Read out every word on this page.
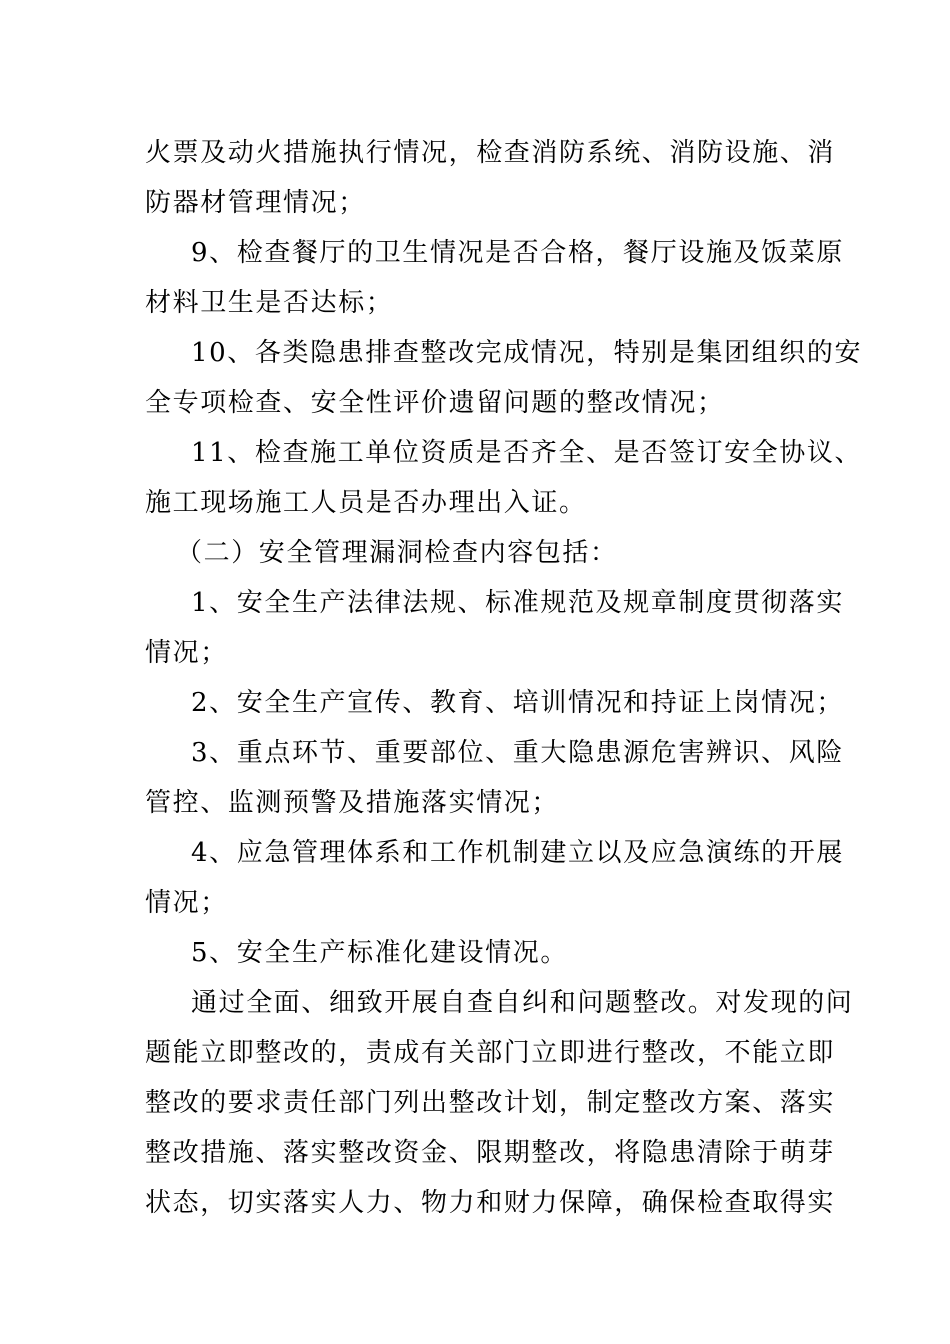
火票及动火措施执行情况，检查消防系统、消防设施、消
防器材管理情况；
9、检查餐厅的卫生情况是否合格，餐厅设施及饭菜原
材料卫生是否达标；
10、各类隐患排查整改完成情况，特别是集团组织的安
全专项检查、安全性评价遗留问题的整改情况；
11、检查施工单位资质是否齐全、是否签订安全协议、
施工现场施工人员是否办理出入证。
（二）安全管理漏洞检查内容包括：
1、安全生产法律法规、标准规范及规章制度贯彻落实
情况；
2、安全生产宣传、教育、培训情况和持证上岗情况；
3、重点环节、重要部位、重大隐患源危害辨识、风险
管控、监测预警及措施落实情况；
4、应急管理体系和工作机制建立以及应急演练的开展
情况；
5、安全生产标准化建设情况。
通过全面、细致开展自查自纠和问题整改。对发现的问
题能立即整改的，责成有关部门立即进行整改，不能立即
整改的要求责任部门列出整改计划，制定整改方案、落实
整改措施、落实整改资金、限期整改，将隐患清除于萌芽
状态，切实落实人力、物力和财力保障，确保检查取得实
